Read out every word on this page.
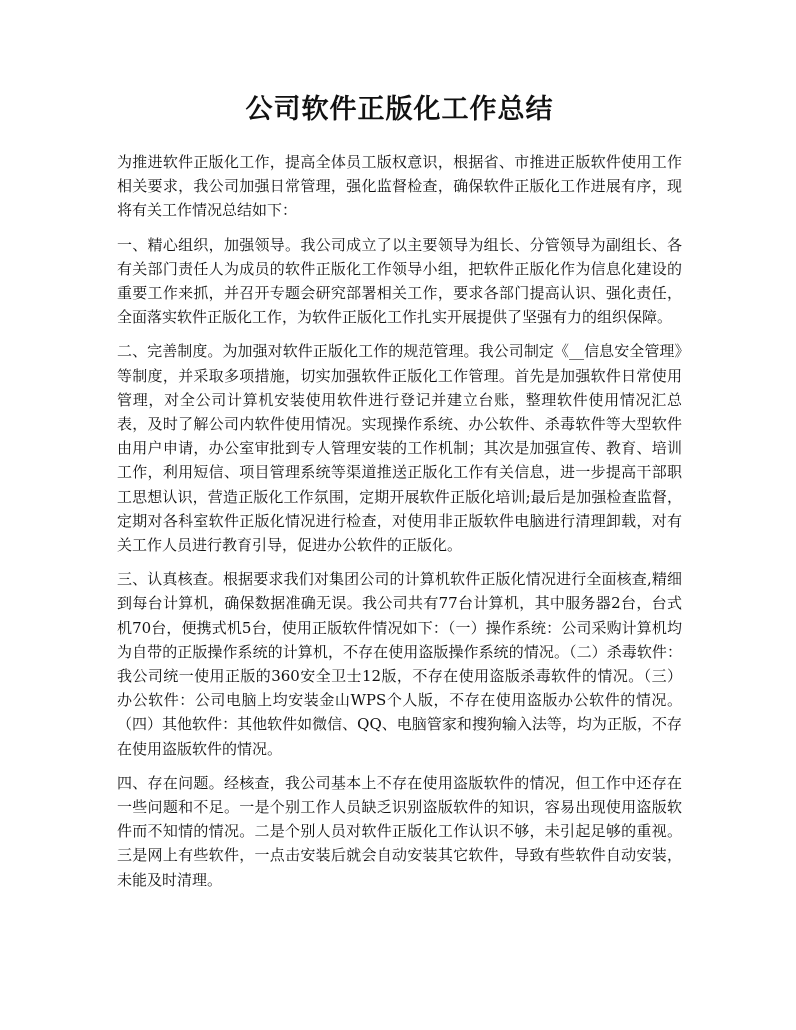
公司软件正版化工作总结

为推进软件正版化工作，提高全体员工版权意识，根据省、市推进正版软件使用工作相关要求，我公司加强日常管理，强化监督检查，确保软件正版化工作进展有序，现将有关工作情况总结如下：

一、精心组织，加强领导。我公司成立了以主要领导为组长、分管领导为副组长、各有关部门责任人为成员的软件正版化工作领导小组，把软件正版化作为信息化建设的重要工作来抓，并召开专题会研究部署相关工作，要求各部门提高认识、强化责任，全面落实软件正版化工作，为软件正版化工作扎实开展提供了坚强有力的组织保障。

二、完善制度。为加强对软件正版化工作的规范管理。我公司制定《__信息安全管理》等制度，并采取多项措施，切实加强软件正版化工作管理。首先是加强软件日常使用管理，对全公司计算机安装使用软件进行登记并建立台账，整理软件使用情况汇总表，及时了解公司内软件使用情况。实现操作系统、办公软件、杀毒软件等大型软件由用户申请，办公室审批到专人管理安装的工作机制；其次是加强宣传、教育、培训工作，利用短信、项目管理系统等渠道推送正版化工作有关信息，进一步提高干部职工思想认识，营造正版化工作氛围，定期开展软件正版化培训;最后是加强检查监督，定期对各科室软件正版化情况进行检查，对使用非正版软件电脑进行清理卸载，对有关工作人员进行教育引导，促进办公软件的正版化。

三、认真核查。根据要求我们对集团公司的计算机软件正版化情况进行全面核查,精细到每台计算机，确保数据准确无误。我公司共有77台计算机，其中服务器2台，台式机70台，便携式机5台，使用正版软件情况如下：（一）操作系统：公司采购计算机均为自带的正版操作系统的计算机，不存在使用盗版操作系统的情况。（二）杀毒软件：我公司统一使用正版的360安全卫士12版，不存在使用盗版杀毒软件的情况。（三）办公软件：公司电脑上均安装金山WPS个人版，不存在使用盗版办公软件的情况。（四）其他软件：其他软件如微信、QQ、电脑管家和搜狗输入法等，均为正版，不存在使用盗版软件的情况。

四、存在问题。经核查，我公司基本上不存在使用盗版软件的情况，但工作中还存在一些问题和不足。一是个别工作人员缺乏识别盗版软件的知识，容易出现使用盗版软件而不知情的情况。二是个别人员对软件正版化工作认识不够，未引起足够的重视。三是网上有些软件，一点击安装后就会自动安装其它软件，导致有些软件自动安装，未能及时清理。
